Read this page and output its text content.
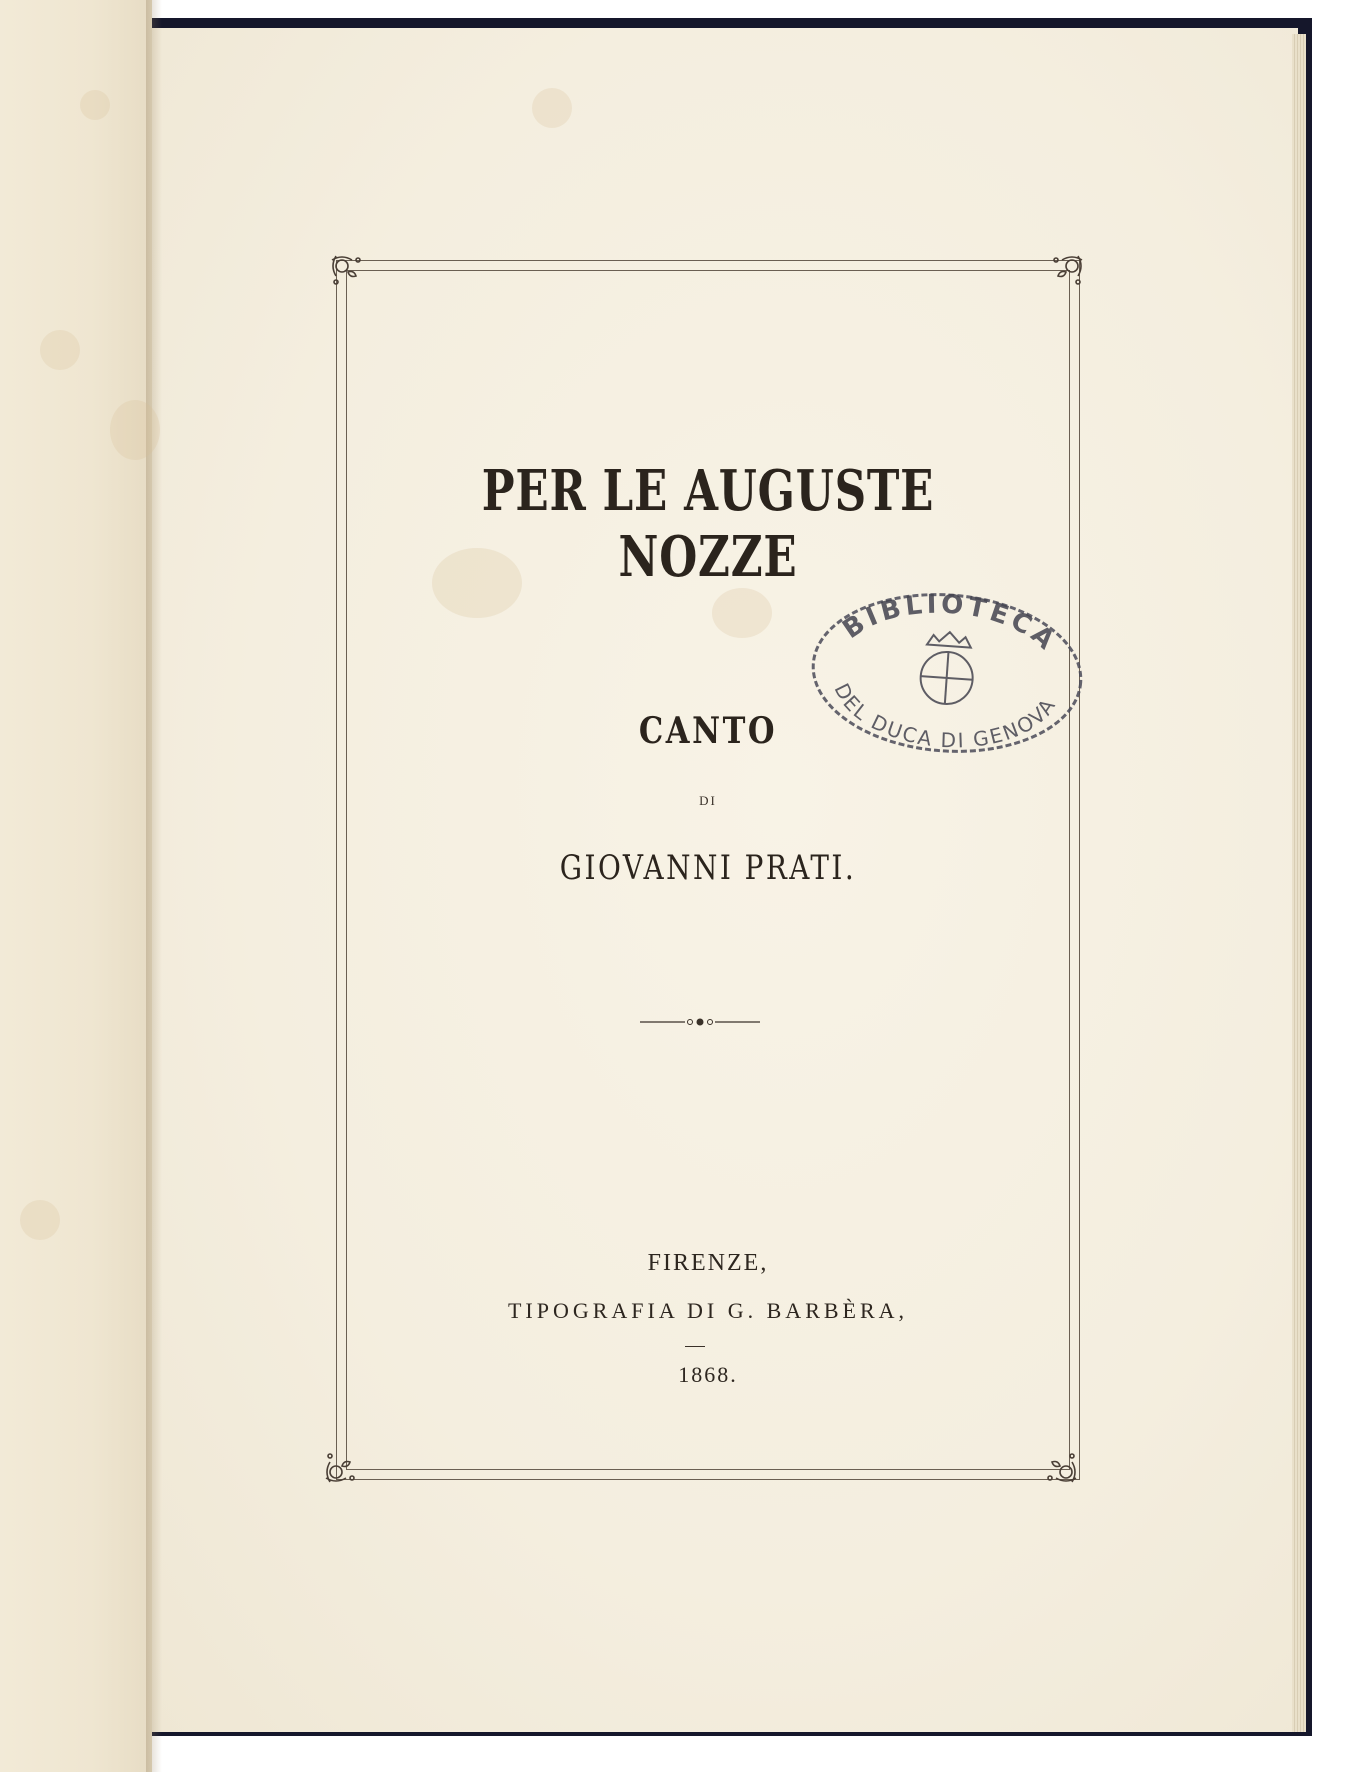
PER LE AUGUSTE NOZZE
CANTO
DI
GIOVANNI PRATI.
FIRENZE,
TIPOGRAFIA DI G. BARBÈRA,
1868.
BIBLIOTECA
DEL DUCA DI GENOVA
